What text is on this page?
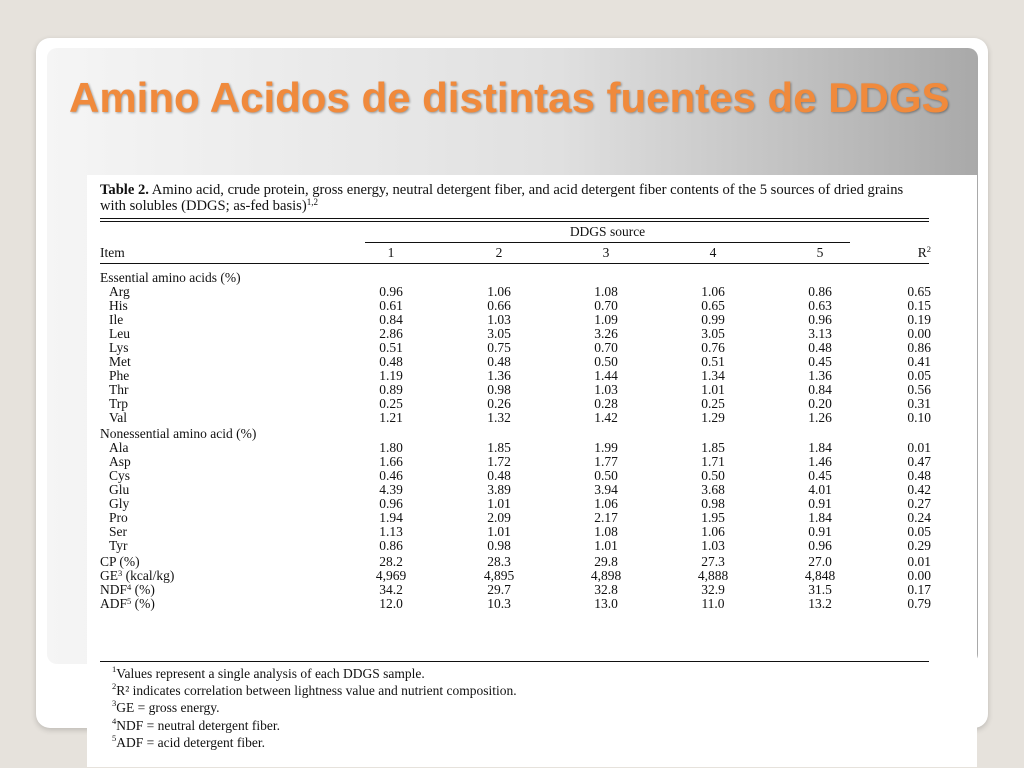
Amino Acidos de distintas fuentes de DDGS

Table 2. Amino acid, crude protein, gross energy, neutral detergent fiber, and acid detergent fiber contents of the 5 sources of dried grains with solubles (DDGS; as-fed basis)$^{1,2}$

DDGS source
Item	1	2	3	4	5	$R^2$
Essential amino acids (%)
Arg	0.96	1.06	1.08	1.06	0.86	0.65
His	0.61	0.66	0.70	0.65	0.63	0.15
Ile	0.84	1.03	1.09	0.99	0.96	0.19
Leu	2.86	3.05	3.26	3.05	3.13	0.00
Lys	0.51	0.75	0.70	0.76	0.48	0.86
Met	0.48	0.48	0.50	0.51	0.45	0.41
Phe	1.19	1.36	1.44	1.34	1.36	0.05
Thr	0.89	0.98	1.03	1.01	0.84	0.56
Trp	0.25	0.26	0.28	0.25	0.20	0.31
Val	1.21	1.32	1.42	1.29	1.26	0.10
Nonessential amino acid (%)
Ala	1.80	1.85	1.99	1.85	1.84	0.01
Asp	1.66	1.72	1.77	1.71	1.46	0.47
Cys	0.46	0.48	0.50	0.50	0.45	0.48
Glu	4.39	3.89	3.94	3.68	4.01	0.42
Gly	0.96	1.01	1.06	0.98	0.91	0.27
Pro	1.94	2.09	2.17	1.95	1.84	0.24
Ser	1.13	1.01	1.08	1.06	0.91	0.05
Tyr	0.86	0.98	1.01	1.03	0.96	0.29
CP (%)	28.2	28.3	29.8	27.3	27.0	0.01
$GE^3$ (kcal/kg)	4,969	4,895	4,898	4,888	4,848	0.00
NDF$^4$ (%)	34.2	29.7	32.8	32.9	31.5	0.17
ADF$^5$ (%)	12.0	10.3	13.0	11.0	13.2	0.79

$^1$Values represent a single analysis of each DDGS sample.

$^2$R² indicates correlation between lightness value and nutrient composition.

$^3$GE = gross energy.

$^4$NDF = neutral detergent fiber.

$^5$ADF = acid detergent fiber.
